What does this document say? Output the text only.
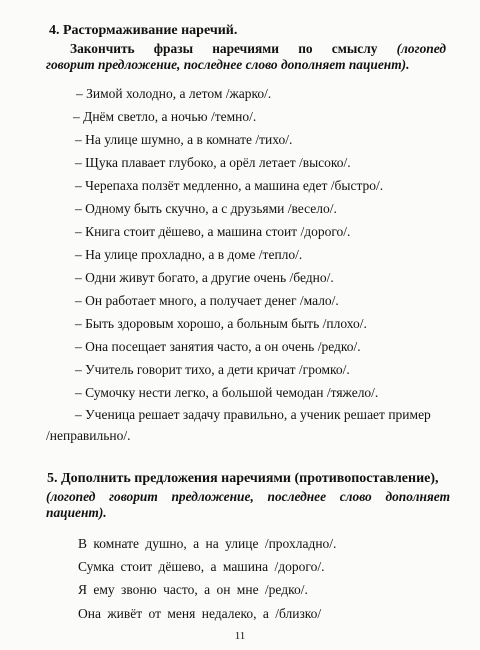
4. Растормаживание наречий.
Закончить фразы наречиями по смыслу (логопед
говорит предложение, последнее слово дополняет пациент).
– Зимой холодно, а летом /жарко/.
– Днём светло, а ночью /темно/.
– На улице шумно, а в комнате /тихо/.
– Щука плавает глубоко, а орёл летает /высоко/.
– Черепаха ползёт медленно, а машина едет /быстро/.
– Одному быть скучно, а с друзьями /весело/.
– Книга стоит дёшево, а машина стоит /дорого/.
– На улице прохладно, а в доме /тепло/.
– Одни живут богато, а другие очень /бедно/.
– Он работает много, а получает денег /мало/.
– Быть здоровым хорошо, а больным быть /плохо/.
– Она посещает занятия часто, а он очень /редко/.
– Учитель говорит тихо, а дети кричат /громко/.
– Сумочку нести легко, а большой чемодан /тяжело/.
– Ученица решает задачу правильно, а ученик решает пример
/неправильно/.
5. Дополнить предложения наречиями (противопоставление),
(логопед говорит предложение, последнее слово дополняет
пациент).
В комнате душно, а на улице /прохладно/.
Сумка стоит дёшево, а машина /дорого/.
Я ему звоню часто, а он мне /редко/.
Она живёт от меня недалеко, а /близко/
11
